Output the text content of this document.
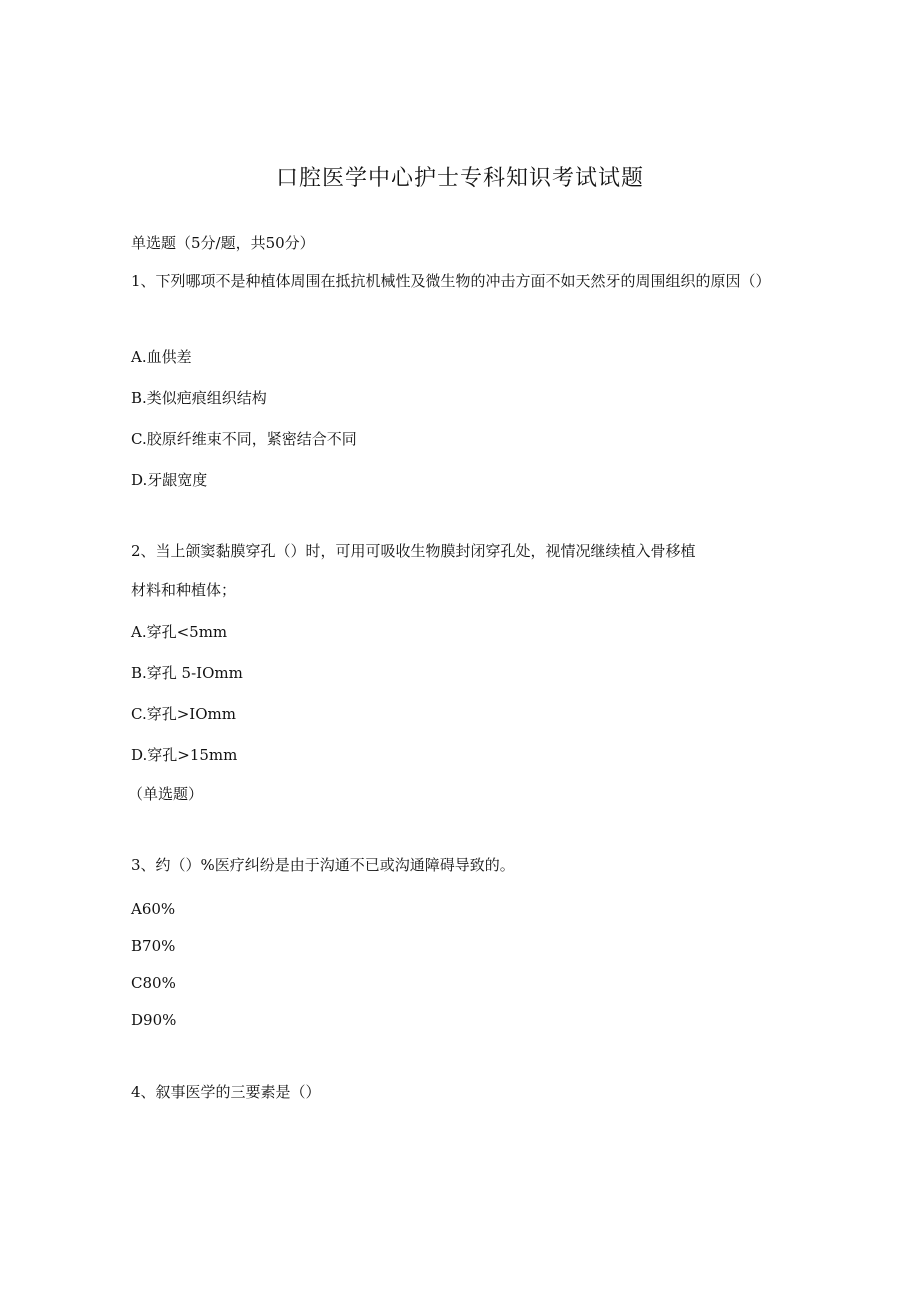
口腔医学中心护士专科知识考试试题
单选题（5分/题，共50分）
1、下列哪项不是种植体周围在抵抗机械性及微生物的冲击方面不如天然牙的周围组织的原因（）
A.血供差
B.类似疤痕组织结构
C.胶原纤维束不同，紧密结合不同
D.牙龈宽度
2、当上颌窦黏膜穿孔（）时，可用可吸收生物膜封闭穿孔处，视情况继续植入骨移植
材料和种植体；
A.穿孔<5mm
B.穿孔 5-IOmm
C.穿孔>IOmm
D.穿孔>15mm
（单选题）
3、约（）%医疗纠纷是由于沟通不已或沟通障碍导致的。
A60%
B70%
C80%
D90%
4、叙事医学的三要素是（）
